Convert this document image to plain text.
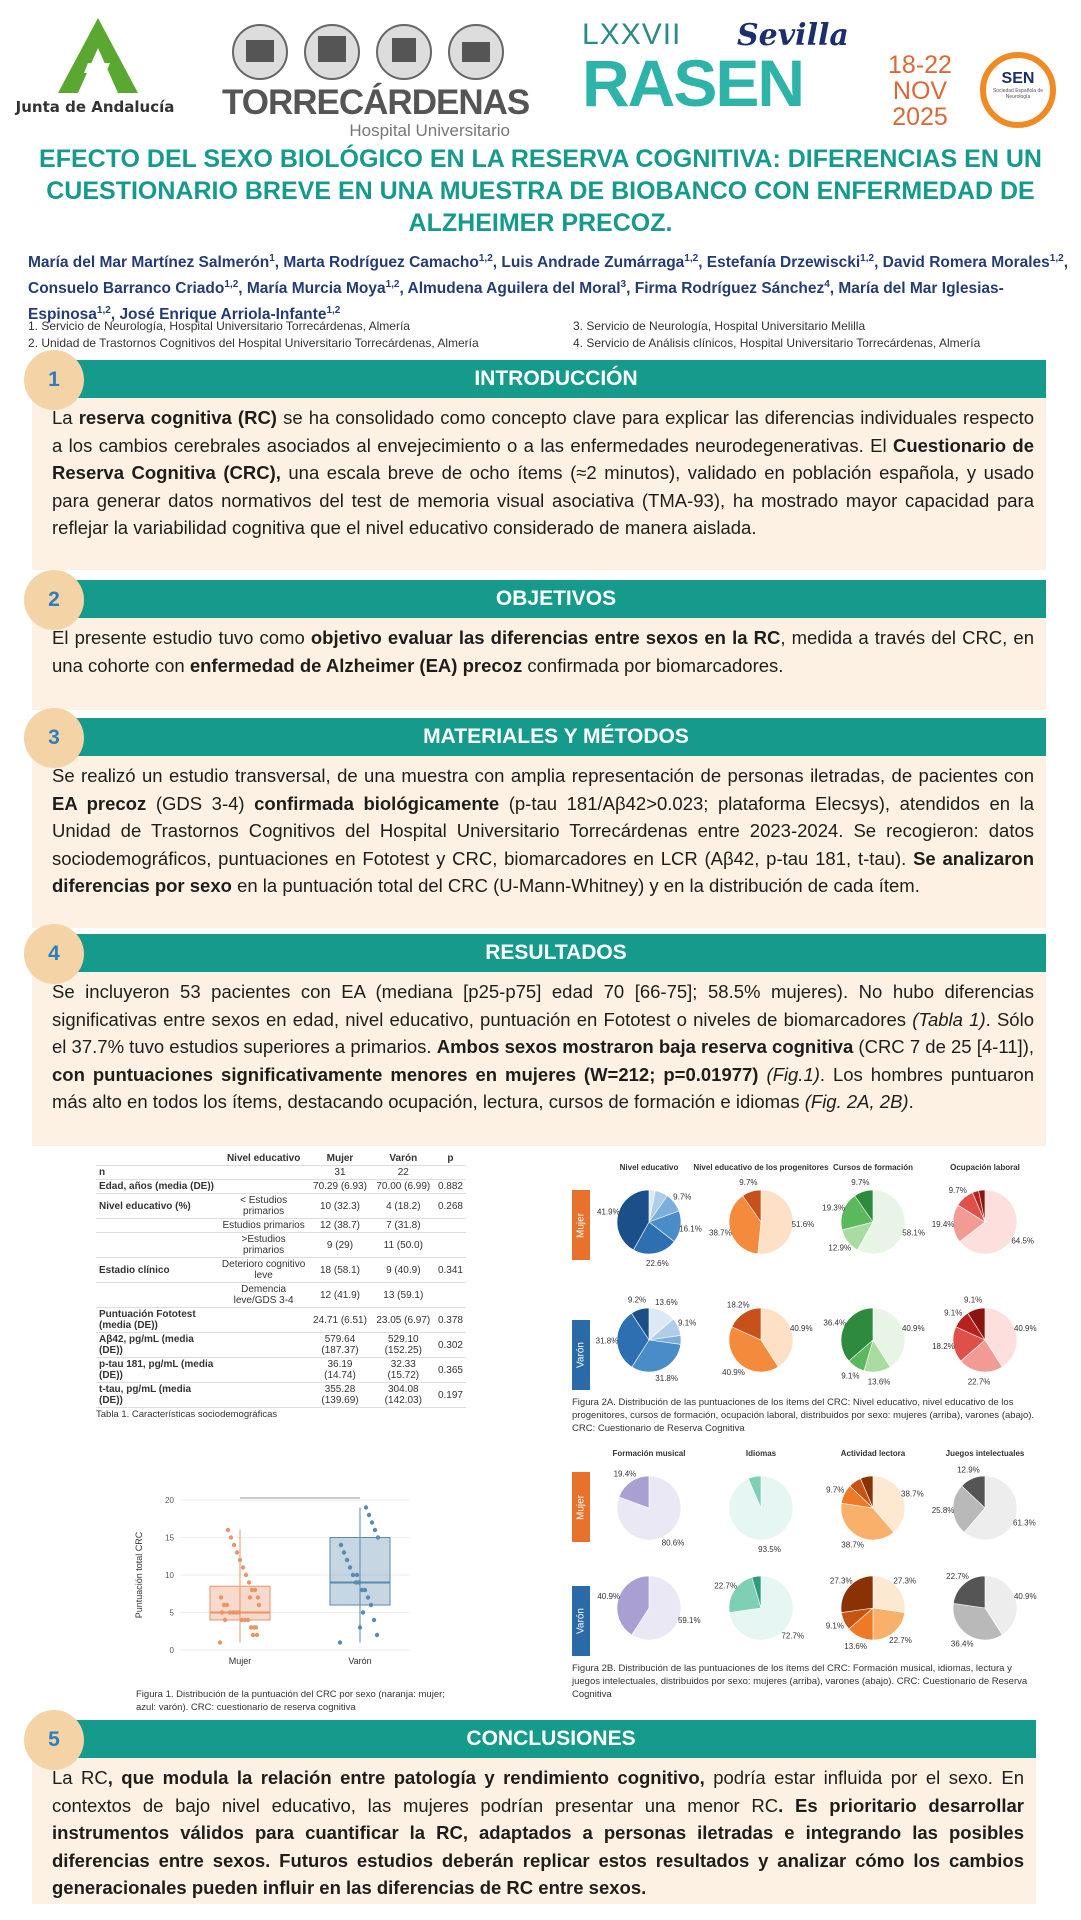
Junta de Andalucía TORRECÁRDENAS
Hospital Universitario
LXXVII
RASEN
Sevilla
18-22
NOV
2025
SEN
Sociedad Española de Neurología
EFECTO DEL SEXO BIOLÓGICO EN LA RESERVA COGNITIVA: DIFERENCIAS EN UN CUESTIONARIO BREVE EN UNA MUESTRA DE BIOBANCO CON ENFERMEDAD DE ALZHEIMER PRECOZ.
María del Mar Martínez Salmerón$^1$, Marta Rodríguez Camacho$^{1,2}$, Luis Andrade Zumárraga$^{1,2}$, Estefanía Drzewiscki$^{1,2}$, David Romera Morales$^{1,2}$, Consuelo Barranco Criado$^{1,2}$, María Murcia Moya$^{1,2}$, Almudena Aguilera del Moral$^3$, Firma Rodríguez Sánchez$^4$, María del Mar Iglesias-Espinosa$^{1,2}$, José Enrique Arriola-Infante$^{1,2}$
1. Servicio de Neurología, Hospital Universitario Torrecárdenas, Almería
2. Unidad de Trastornos Cognitivos del Hospital Universitario Torrecárdenas, Almería
3. Servicio de Neurología, Hospital Universitario Melilla
4. Servicio de Análisis clínicos, Hospital Universitario Torrecárdenas, Almería
INTRODUCCIÓN

La reserva cognitiva (RC) se ha consolidado como concepto clave para explicar las diferencias individuales respecto a los cambios cerebrales asociados al envejecimiento o a las enfermedades neurodegenerativas. El Cuestionario de Reserva Cognitiva (CRC), una escala breve de ocho ítems (≈2 minutos), validado en población española, y usado para generar datos normativos del test de memoria visual asociativa (TMA-93), ha mostrado mayor capacidad para reflejar la variabilidad cognitiva que el nivel educativo considerado de manera aislada.

1
OBJETIVOS

El presente estudio tuvo como objetivo evaluar las diferencias entre sexos en la RC, medida a través del CRC, en una cohorte con enfermedad de Alzheimer (EA) precoz confirmada por biomarcadores.

2
MATERIALES Y MÉTODOS

Se realizó un estudio transversal, de una muestra con amplia representación de personas iletradas, de pacientes con EA precoz (GDS 3-4) confirmada biológicamente (p-tau 181/Aβ42>0.023; plataforma Elecsys), atendidos en la Unidad de Trastornos Cognitivos del Hospital Universitario Torrecárdenas entre 2023-2024. Se recogieron: datos sociodemográficos, puntuaciones en Fototest y CRC, biomarcadores en LCR (Aβ42, p-tau 181, t-tau). Se analizaron diferencias por sexo en la puntuación total del CRC (U-Mann-Whitney) y en la distribución de cada ítem.

3
RESULTADOS

Se incluyeron 53 pacientes con EA (mediana [p25-p75] edad 70 [66-75]; 58.5% mujeres). No hubo diferencias significativas entre sexos en edad, nivel educativo, puntuación en Fototest o niveles de biomarcadores (Tabla 1). Sólo el 37.7% tuvo estudios superiores a primarios. Ambos sexos mostraron baja reserva cognitiva (CRC 7 de 25 [4-11]), con puntuaciones significativamente menores en mujeres (W=212; p=0.01977) (Fig.1). Los hombres puntuaron más alto en todos los ítems, destacando ocupación, lectura, cursos de formación e idiomas (Fig. 2A, 2B).

4
	Nivel educativo	Mujer	Varón	p
n		31	22	
Edad, años (media (DE))		70.29 (6.93)	70.00 (6.99)	0.882
Nivel educativo (%)	< Estudios primarios	10 (32.3)	4 (18.2)	0.268
	Estudios primarios	12 (38.7)	7 (31.8)	
	>Estudios primarios	9 (29)	11 (50.0)	
Estadio clínico	Deterioro cognitivo leve	18 (58.1)	9 (40.9)	0.341
	Demencia leve/GDS 3-4	12 (41.9)	13 (59.1)	
Puntuación Fototest (media (DE))		24.71 (6.51)	23.05 (6.97)	0.378
Aβ42, pg/mL (media (DE))		579.64 (187.37)	529.10 (152.25)	0.302
p-tau 181, pg/mL (media (DE))		36.19 (14.74)	32.33 (15.72)	0.365
t-tau, pg/mL (media (DE))		355.28 (139.69)	304.08 (142.03)	0.197
Tabla 1. Características sociodemográficas
0
5
10
15
20
Puntuación total CRC
Mujer	Varón
Figura 1. Distribución de la puntuación del CRC por sexo (naranja: mujer; azul: varón). CRC: cuestionario de reserva cognitiva
Mujer
Varón
Nivel educativo
9.7%
16.1%
22.6%
41.9%
13.6%
9.1%
31.8%
31.8%
9.2%
Nivel educativo de los progenitores
51.6%
38.7%
9.7%
40.9%
40.9%
18.2%
Cursos de formación
58.1%
12.9%
19.3%
9.7%
40.9%
13.6%
9.1%
36.4%
Ocupación laboral
64.5%
19.4%
9.7%
40.9%
22.7%
18.2%
9.1%
9.1%
Figura 2A. Distribución de las puntuaciones de los ítems del CRC: Nivel educativo, nivel educativo de los progenitores, cursos de formación, ocupación laboral, distribuidos por sexo: mujeres (arriba), varones (abajo). CRC: Cuestionario de Reserva Cognitiva
Mujer
Varón
Formación musical
80.6%
19.4%
59.1%
40.9%
Idiomas
93.5%
72.7%
22.7%
Actividad lectora
38.7%
38.7%
9.7%
27.3%
22.7%
13.6%
9.1%
27.3%
Juegos intelectuales
61.3%
25.8%
12.9%
40.9%
36.4%
22.7%
Figura 2B. Distribución de las puntuaciones de los ítems del CRC: Formación musical, idiomas, lectura y juegos intelectuales, distribuidos por sexo: mujeres (arriba), varones (abajo). CRC: Cuestionario de Reserva Cognitiva
CONCLUSIONES

La RC, que modula la relación entre patología y rendimiento cognitivo, podría estar influida por el sexo. En contextos de bajo nivel educativo, las mujeres podrían presentar una menor RC. Es prioritario desarrollar instrumentos válidos para cuantificar la RC, adaptados a personas iletradas e integrando las posibles diferencias entre sexos. Futuros estudios deberán replicar estos resultados y analizar cómo los cambios generacionales pueden influir en las diferencias de RC entre sexos.

5
